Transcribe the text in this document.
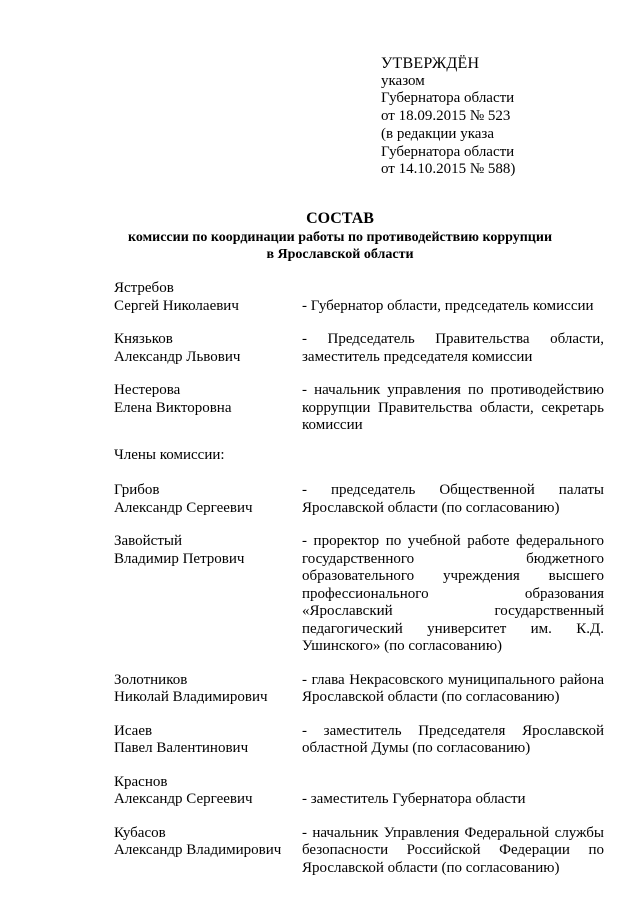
УТВЕРЖДЁН
указом
Губернатора области
от 18.09.2015 № 523
(в редакции указа
Губернатора области
от 14.10.2015 № 588)
СОСТАВ
комиссии по координации работы по противодействию коррупции
в Ярославской области
Ястребов
Сергей Николаевич	- Губернатор области, председатель комиссии
Князьков
Александр Львович
- Председатель Правительства области, заместитель председателя комиссии
Нестерова
Елена Викторовна
- начальник управления по противодействию коррупции Правительства области, секретарь комиссии
Члены комиссии:
Грибов
Александр Сергеевич
- председатель Общественной палаты Ярославской области (по согласованию)
Завойстый
Владимир Петрович
- проректор по учебной работе федерального государственного бюджетного образовательного учреждения высшего профессионального образования «Ярославский государственный педагогический университет им. К.Д. Ушинского» (по согласованию)
Золотников
Николай Владимирович
- глава Некрасовского муниципального района Ярославской области (по согласованию)
Исаев
Павел Валентинович
- заместитель Председателя Ярославской областной Думы (по согласованию)
Краснов
Александр Сергеевич	- заместитель Губернатора области
Кубасов
Александр Владимирович
- начальник Управления Федеральной службы безопасности Российской Федерации по Ярославской области (по согласованию)
